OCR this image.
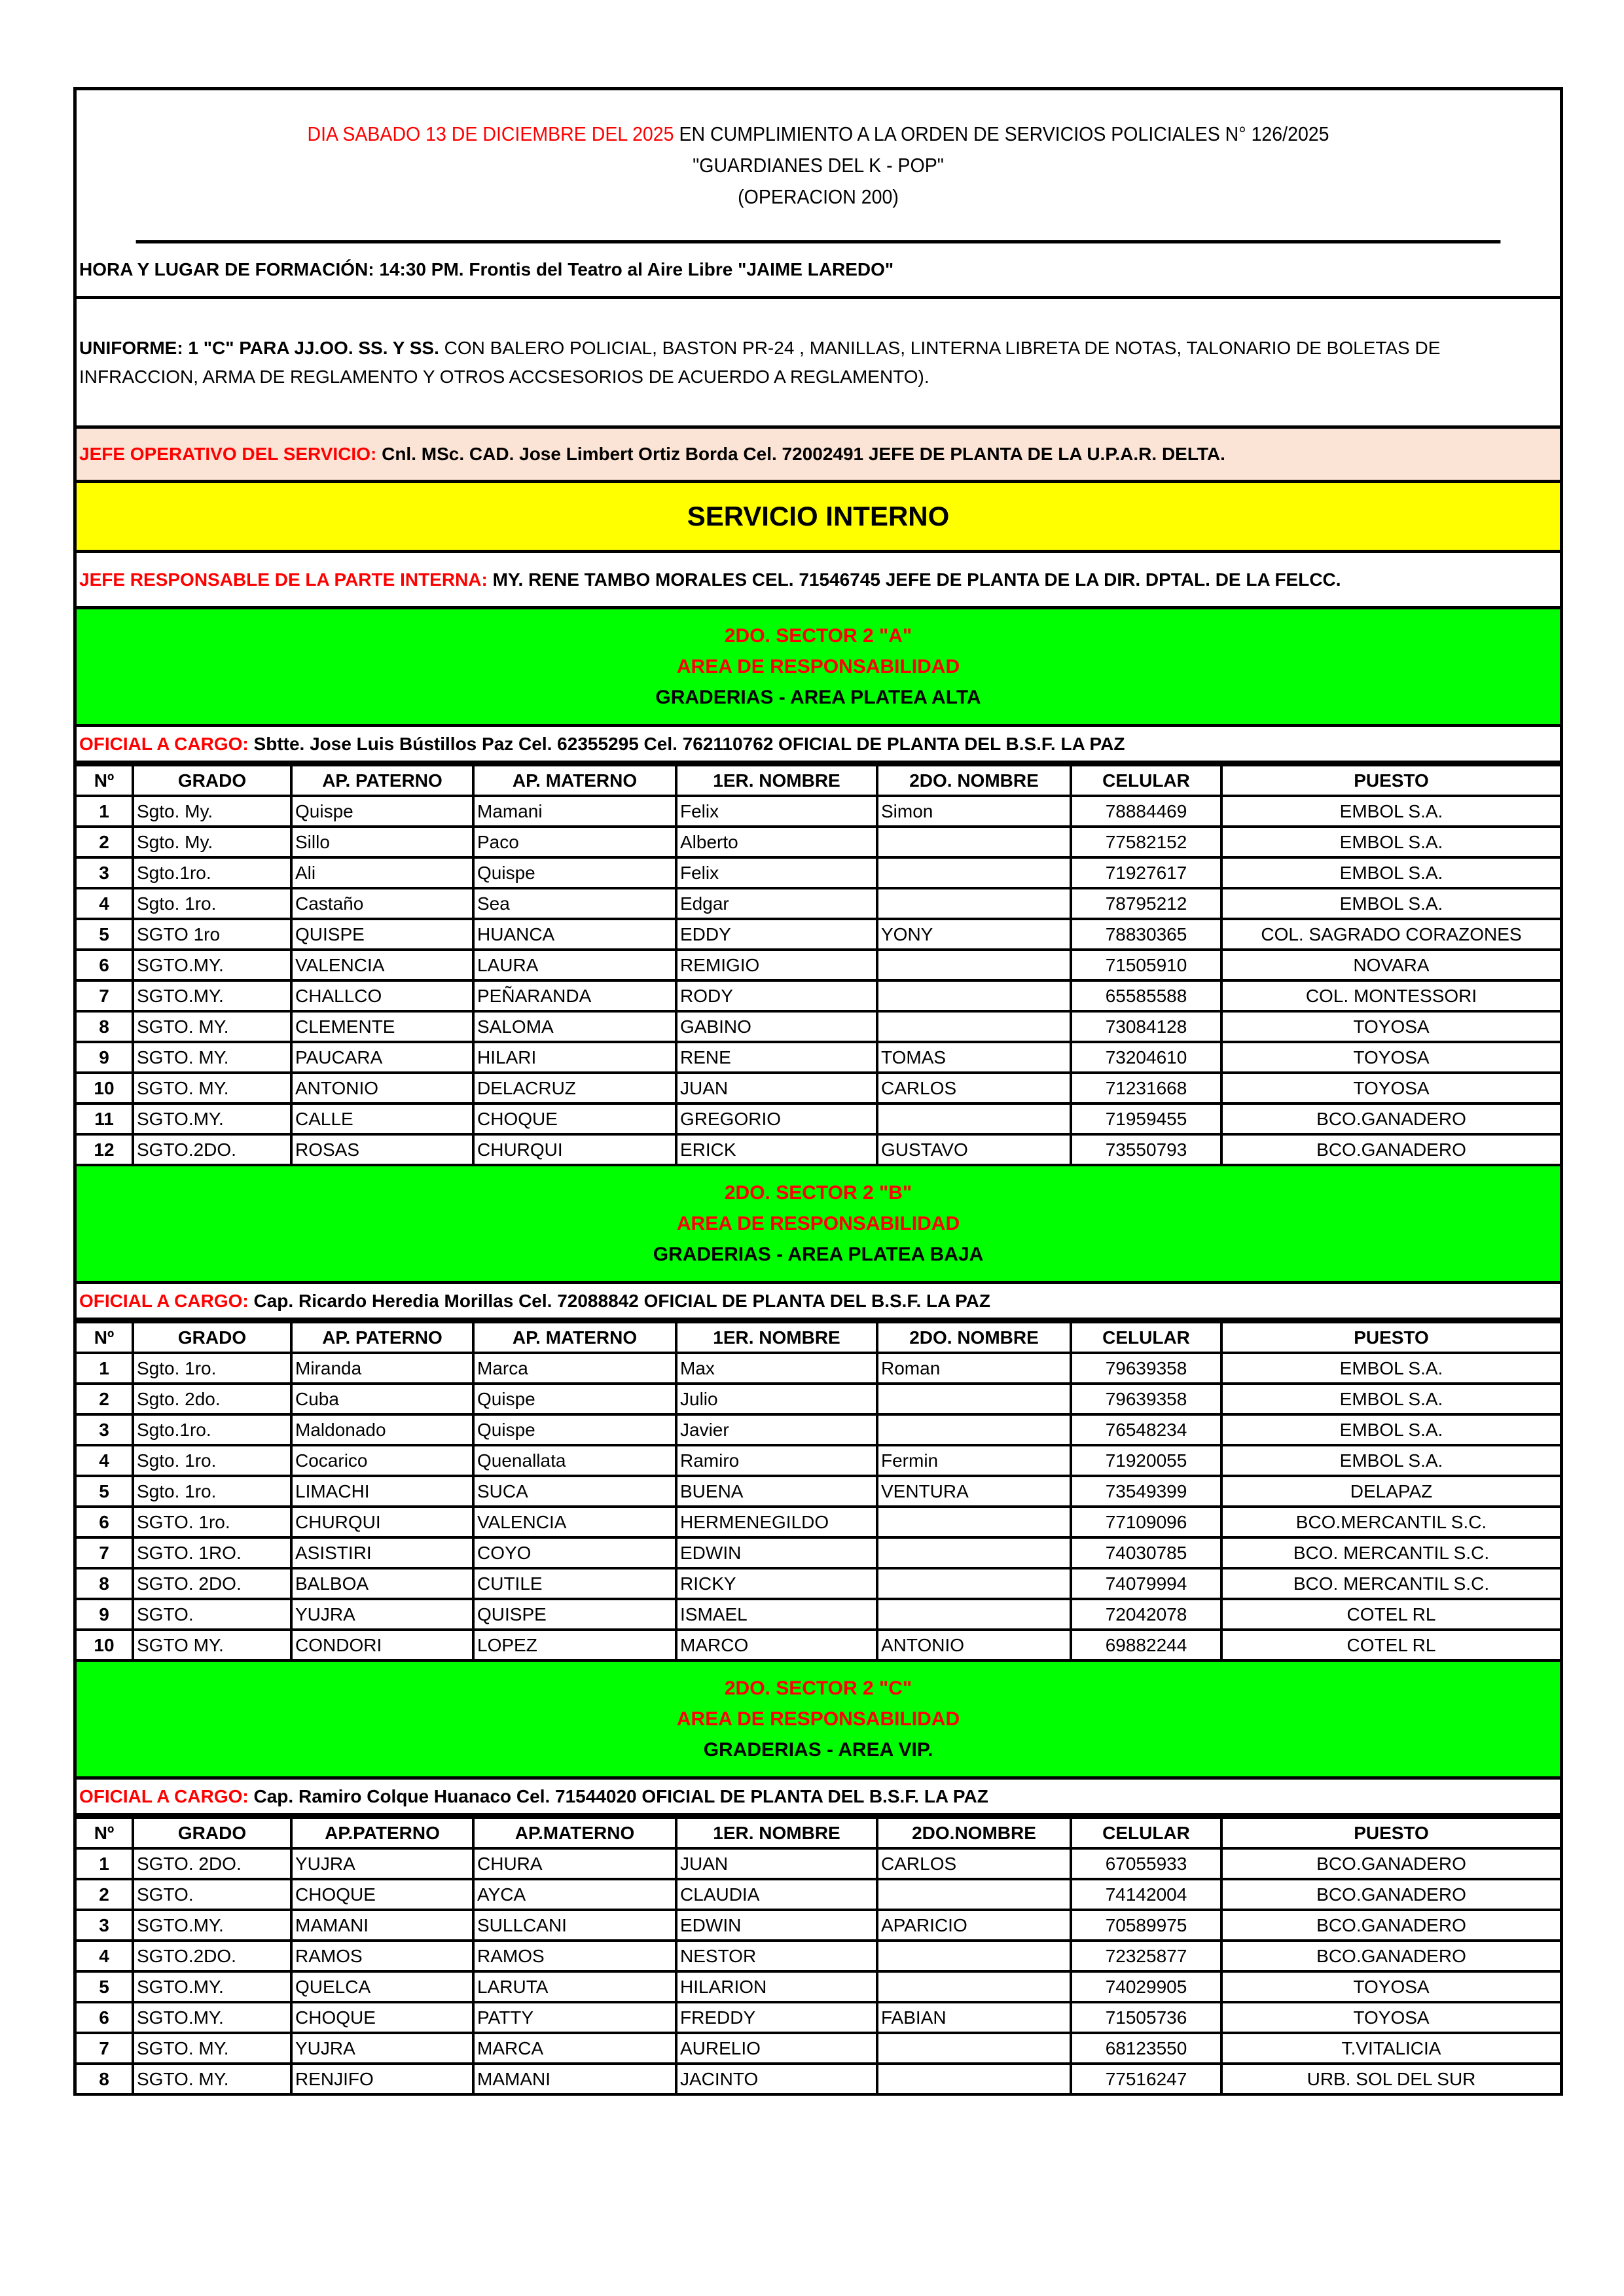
DIA SABADO 13 DE DICIEMBRE DEL 2025 EN CUMPLIMIENTO A LA ORDEN DE SERVICIOS POLICIALES N° 126/2025
"GUARDIANES DEL K - POP"
(OPERACION 200)
HORA Y LUGAR DE FORMACIÓN:
14:30 PM. Frontis del Teatro al Aire Libre "JAIME LAREDO"
UNIFORME: 1 "C" PARA JJ.OO. SS. Y SS. CON BALERO POLICIAL, BASTON PR-24 , MANILLAS, LINTERNA LIBRETA DE NOTAS, TALONARIO DE BOLETAS DE
INFRACCION, ARMA DE REGLAMENTO Y OTROS ACCSESORIOS DE ACUERDO A REGLAMENTO).
JEFE OPERATIVO DEL SERVICIO:
Cnl. MSc. CAD. Jose Limbert Ortiz Borda Cel. 72002491 JEFE DE PLANTA DE LA U.P.A.R. DELTA.
SERVICIO INTERNO
JEFE RESPONSABLE DE LA PARTE INTERNA:
MY. RENE TAMBO MORALES CEL. 71546745 JEFE DE PLANTA DE LA DIR. DPTAL. DE LA FELCC.
2DO. SECTOR 2 "A"
AREA DE RESPONSABILIDAD
GRADERIAS - AREA PLATEA ALTA
OFICIAL A CARGO:
Sbtte. Jose Luis Bústillos Paz Cel. 62355295 Cel. 762110762 OFICIAL DE PLANTA DEL B.S.F. LA PAZ
Nº	GRADO	AP. PATERNO	AP. MATERNO	1ER. NOMBRE	2DO. NOMBRE	CELULAR	PUESTO
1	Sgto. My.	Quispe	Mamani	Felix	Simon	78884469	EMBOL S.A.
2	Sgto. My.	Sillo	Paco	Alberto		77582152	EMBOL S.A.
3	Sgto.1ro.	Ali	Quispe	Felix		71927617	EMBOL S.A.
4	Sgto. 1ro.	Castaño	Sea	Edgar		78795212	EMBOL S.A.
5	SGTO 1ro	QUISPE	HUANCA	EDDY	YONY	78830365	COL. SAGRADO CORAZONES
6	SGTO.MY.	VALENCIA	LAURA	REMIGIO		71505910	NOVARA
7	SGTO.MY.	CHALLCO	PEÑARANDA	RODY		65585588	COL. MONTESSORI
8	SGTO. MY.	CLEMENTE	SALOMA	GABINO		73084128	TOYOSA
9	SGTO. MY.	PAUCARA	HILARI	RENE	TOMAS	73204610	TOYOSA
10	SGTO. MY.	ANTONIO	DELACRUZ	JUAN	CARLOS	71231668	TOYOSA
11	SGTO.MY.	CALLE	CHOQUE	GREGORIO		71959455	BCO.GANADERO
12	SGTO.2DO.	ROSAS	CHURQUI	ERICK	GUSTAVO	73550793	BCO.GANADERO
2DO. SECTOR 2 "B"
AREA DE RESPONSABILIDAD
GRADERIAS - AREA PLATEA BAJA
OFICIAL A CARGO:
Cap. Ricardo Heredia Morillas Cel. 72088842 OFICIAL DE PLANTA DEL B.S.F. LA PAZ
Nº	GRADO	AP. PATERNO	AP. MATERNO	1ER. NOMBRE	2DO. NOMBRE	CELULAR	PUESTO
1	Sgto. 1ro.	Miranda	Marca	Max	Roman	79639358	EMBOL S.A.
2	Sgto. 2do.	Cuba	Quispe	Julio		79639358	EMBOL S.A.
3	Sgto.1ro.	Maldonado	Quispe	Javier		76548234	EMBOL S.A.
4	Sgto. 1ro.	Cocarico	Quenallata	Ramiro	Fermin	71920055	EMBOL S.A.
5	Sgto. 1ro.	LIMACHI	SUCA	BUENA	VENTURA	73549399	DELAPAZ
6	SGTO. 1ro.	CHURQUI	VALENCIA	HERMENEGILDO		77109096	BCO.MERCANTIL S.C.
7	SGTO. 1RO.	ASISTIRI	COYO	EDWIN		74030785	BCO. MERCANTIL S.C.
8	SGTO. 2DO.	BALBOA	CUTILE	RICKY		74079994	BCO. MERCANTIL S.C.
9	SGTO.	YUJRA	QUISPE	ISMAEL		72042078	COTEL RL
10	SGTO MY.	CONDORI	LOPEZ	MARCO	ANTONIO	69882244	COTEL RL
2DO. SECTOR 2 "C"
AREA DE RESPONSABILIDAD
GRADERIAS - AREA VIP.
OFICIAL A CARGO:
Cap. Ramiro Colque Huanaco Cel. 71544020 OFICIAL DE PLANTA DEL B.S.F. LA PAZ
Nº	GRADO	AP.PATERNO	AP.MATERNO	1ER. NOMBRE	2DO.NOMBRE	CELULAR	PUESTO
1	SGTO. 2DO.	YUJRA	CHURA	JUAN	CARLOS	67055933	BCO.GANADERO
2	SGTO.	CHOQUE	AYCA	CLAUDIA		74142004	BCO.GANADERO
3	SGTO.MY.	MAMANI	SULLCANI	EDWIN	APARICIO	70589975	BCO.GANADERO
4	SGTO.2DO.	RAMOS	RAMOS	NESTOR		72325877	BCO.GANADERO
5	SGTO.MY.	QUELCA	LARUTA	HILARION		74029905	TOYOSA
6	SGTO.MY.	CHOQUE	PATTY	FREDDY	FABIAN	71505736	TOYOSA
7	SGTO. MY.	YUJRA	MARCA	AURELIO		68123550	T.VITALICIA
8	SGTO. MY.	RENJIFO	MAMANI	JACINTO		77516247	URB. SOL DEL SUR
